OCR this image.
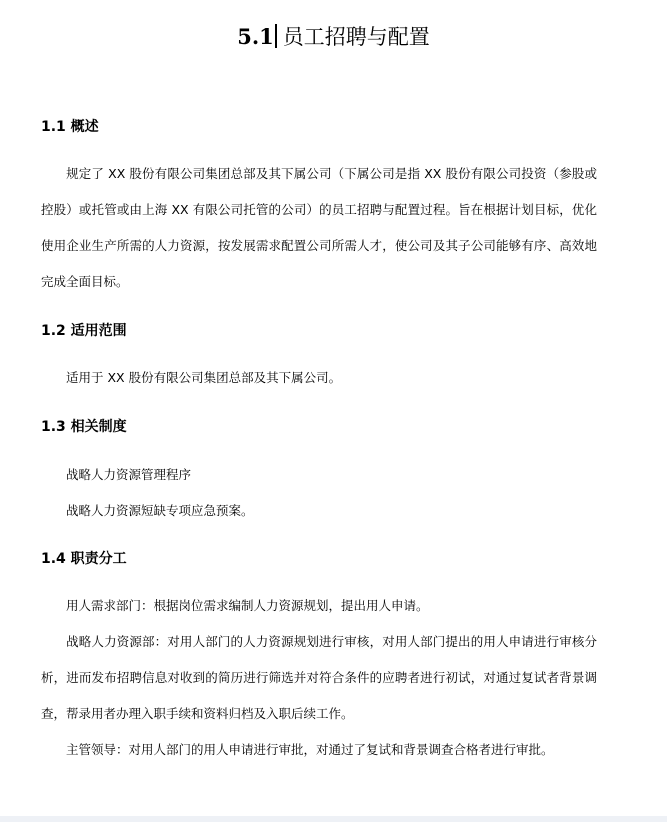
5.1 员工招聘与配置
1.1 概述

规定了 XX 股份有限公司集团总部及其下属公司（下属公司是指 XX 股份有限公司投资（参股或控股）或托管或由上海 XX 有限公司托管的公司）的员工招聘与配置过程。旨在根据计划目标，优化使用企业生产所需的人力资源，按发展需求配置公司所需人才，使公司及其子公司能够有序、高效地完成全面目标。

1.2 适用范围
适用于 XX 股份有限公司集团总部及其下属公司。
1.3 相关制度
战略人力资源管理程序
战略人力资源短缺专项应急预案。
1.4 职责分工
用人需求部门：根据岗位需求编制人力资源规划，提出用人申请。

战略人力资源部：对用人部门的人力资源规划进行审核，对用人部门提出的用人申请进行审核分析，进而发布招聘信息对收到的简历进行筛选并对符合条件的应聘者进行初试，对通过复试者背景调查，帮录用者办理入职手续和资料归档及入职后续工作。

主管领导：对用人部门的用人申请进行审批，对通过了复试和背景调查合格者进行审批。
